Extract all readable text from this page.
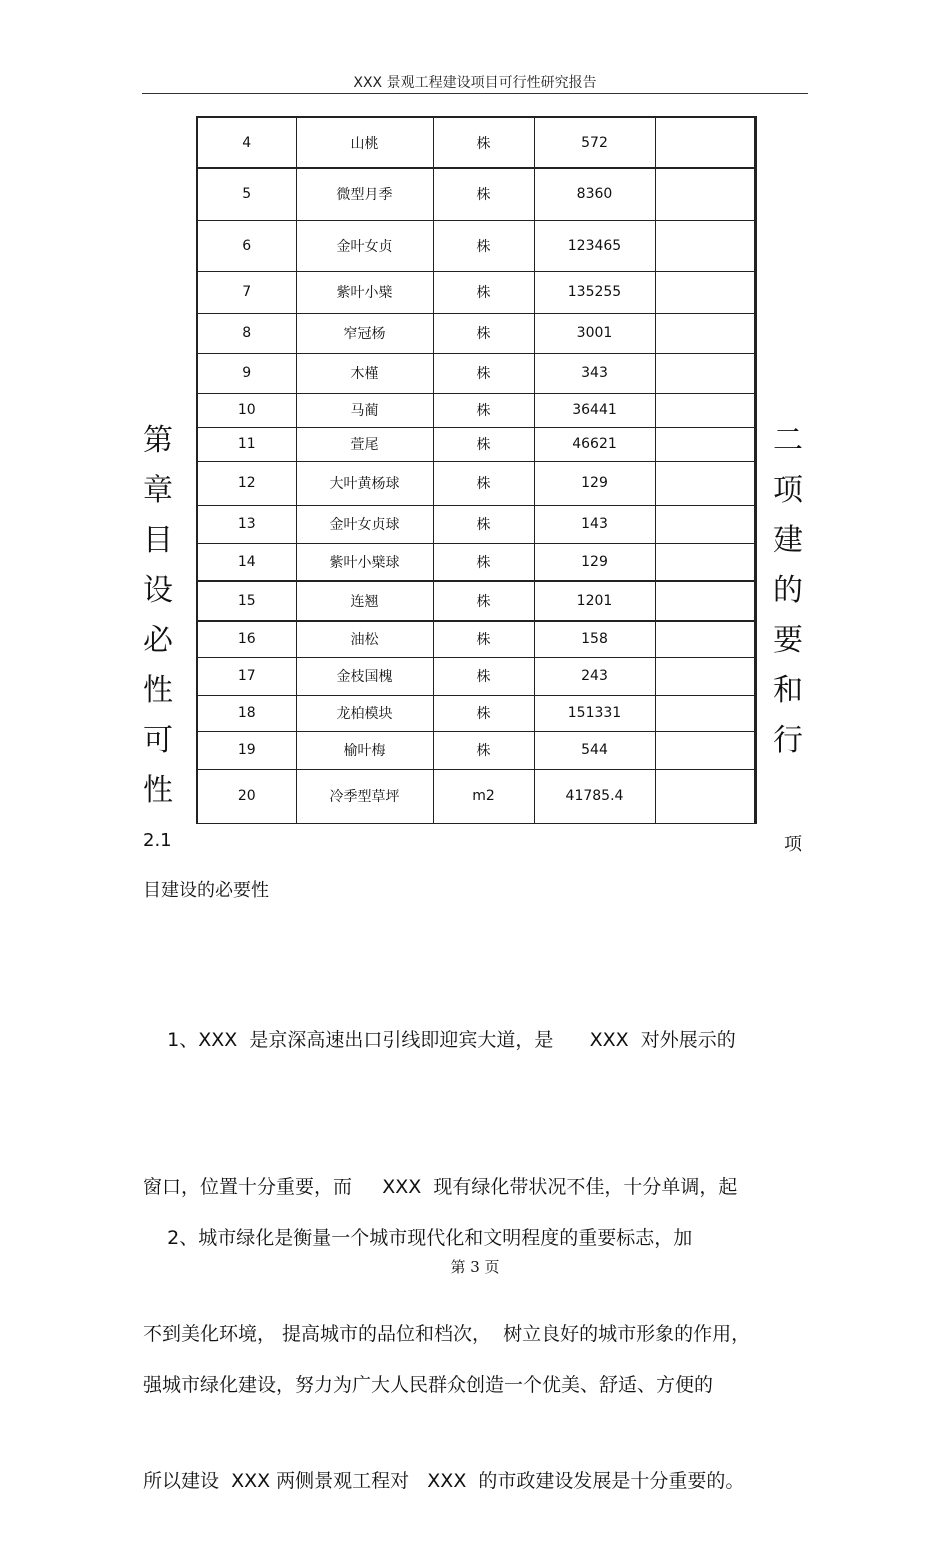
XXX 景观工程建设项目可行性研究报告
4	山桃	株	572	
5	微型月季	株	8360	
6	金叶女贞	株	123465	
7	紫叶小檗	株	135255	
8	窄冠杨	株	3001	
9	木槿	株	343	
10	马蔺	株	36441	
11	萱尾	株	46621	
12	大叶黄杨球	株	129	
13	金叶女贞球	株	143	
14	紫叶小檗球	株	129	
15	连翘	株	1201	
16	油松	株	158	
17	金枝国槐	株	243	
18	龙柏模块	株	151331	
19	榆叶梅	株	544	
20	冷季型草坪	m2	41785.4	
第
章
目
设
必
性
可
性
二
项
建
的
要
和
行
2.1	项
目建设的必要性

1、XXX  是京深高速出口引线即迎宾大道，是      XXX  对外展示的

窗口，位置十分重要，而     XXX  现有绿化带状况不佳，十分单调，起

不到美化环境， 提高城市的品位和档次，  树立良好的城市形象的作用，

所以建设  XXX 两侧景观工程对   XXX  的市政建设发展是十分重要的。

2、城市绿化是衡量一个城市现代化和文明程度的重要标志，加

强城市绿化建设，努力为广大人民群众创造一个优美、舒适、方便的

第 3 页
